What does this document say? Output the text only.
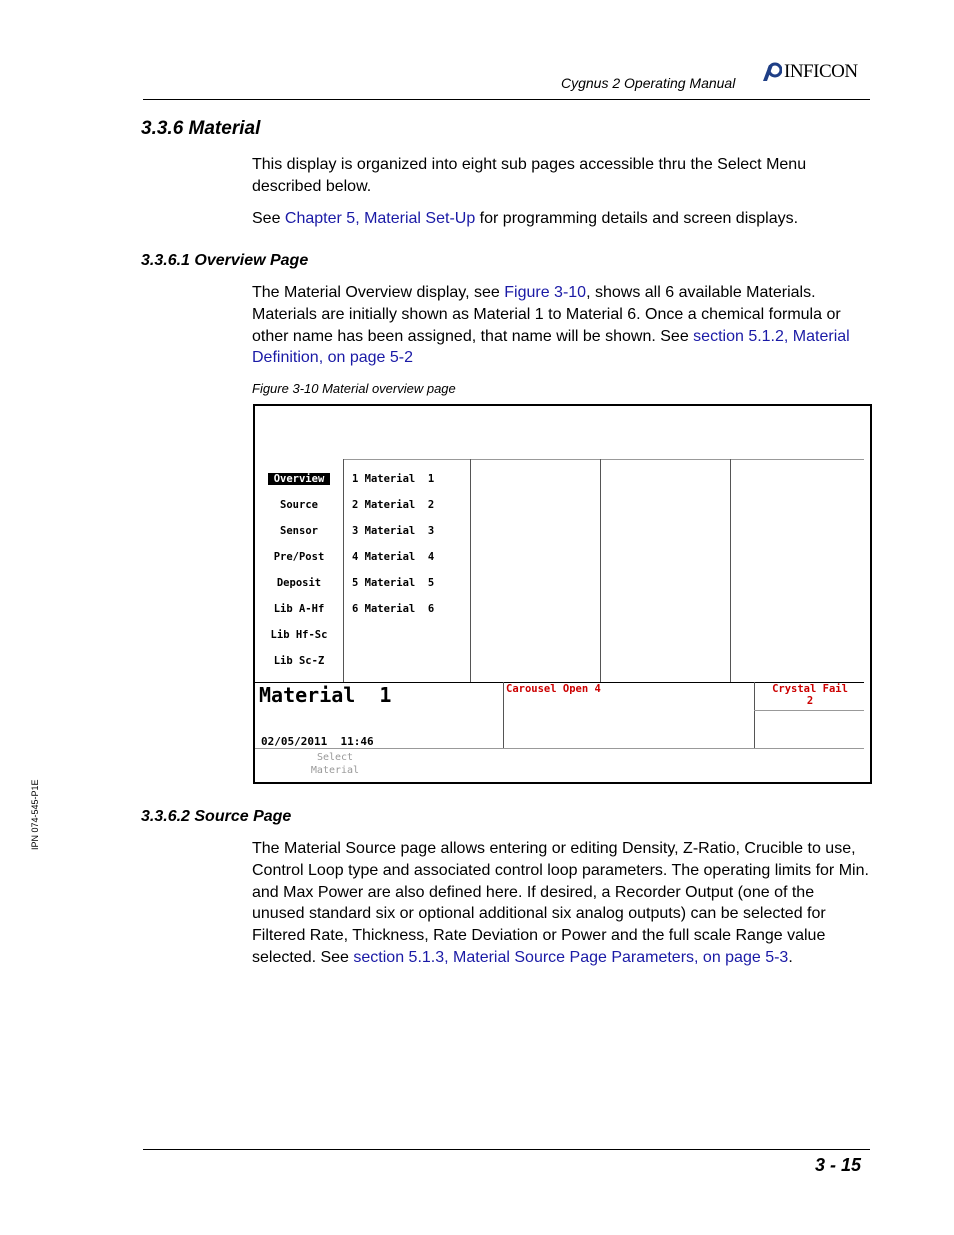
Cygnus 2 Operating Manual
INFICON
3.3.6 Material
This display is organized into eight sub pages accessible thru the Select Menu described below.
See Chapter 5, Material Set-Up for programming details and screen displays.
3.3.6.1 Overview Page
The Material Overview display, see Figure 3-10, shows all 6 available Materials. Materials are initially shown as Material 1 to Material 6. Once a chemical formula or other name has been assigned, that name will be shown. See section 5.1.2, Material Definition, on page 5-2
Figure 3-10 Material overview page
Overview
Source
Sensor
Pre/Post
Deposit
Lib A-Hf
Lib Hf-Sc
Lib Sc-Z
1 Material  1
2 Material  2
3 Material  3
4 Material  4
5 Material  5
6 Material  6
Material  1
02/05/2011  11:46
Carousel Open 4	Crystal Fail
2
Select
Material
3.3.6.2 Source Page
The Material Source page allows entering or editing Density, Z-Ratio, Crucible to use, Control Loop type and associated control loop parameters. The operating limits for Min. and Max Power are also defined here. If desired, a Recorder Output (one of the unused standard six or optional additional six analog outputs) can be selected for Filtered Rate, Thickness, Rate Deviation or Power and the full scale Range value selected. See section 5.1.3, Material Source Page Parameters, on page 5-3.
IPN 074-545-P1E
3 - 15
